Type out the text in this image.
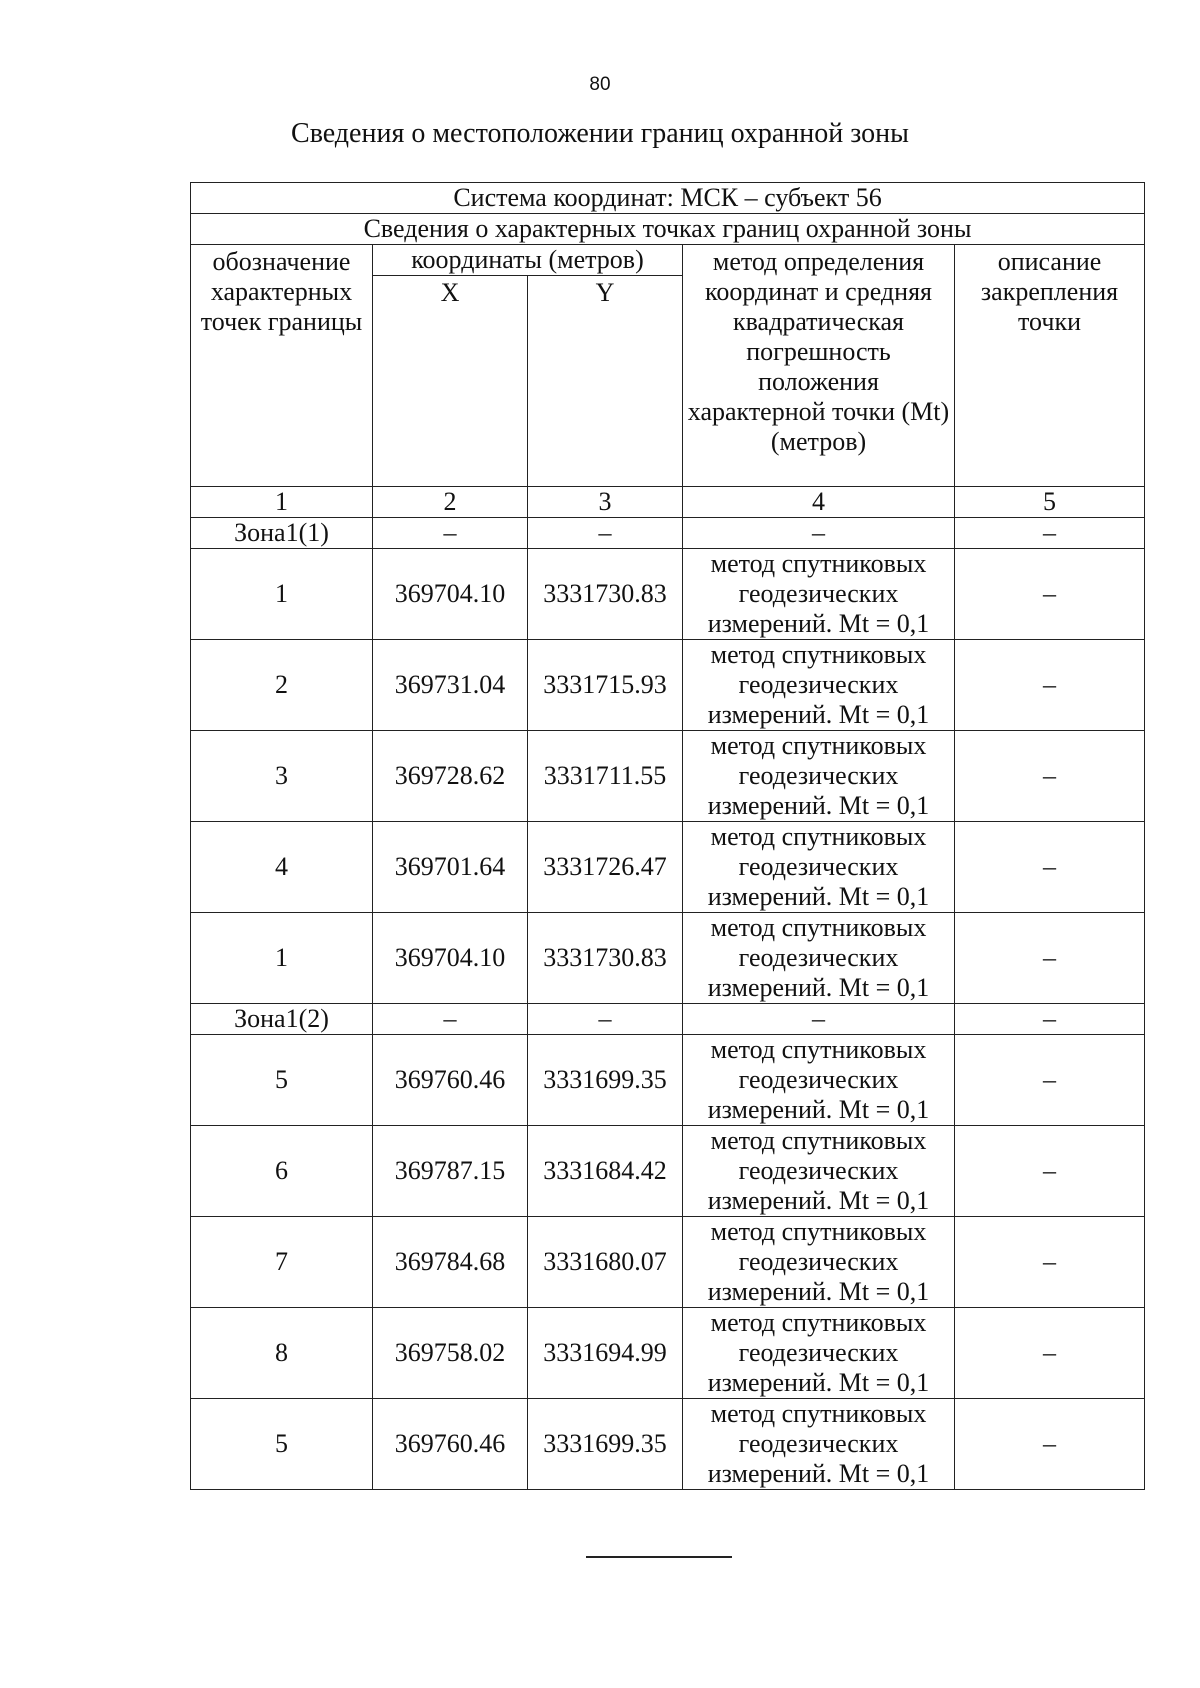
80
Сведения о местоположении границ охранной зоны
Система координат: МСК – субъект 56				
Сведения о характерных точках границ охранной зоны				
обозначение характерных точек границы	координаты (метров)		метод определения координат и средняя квадратическая погрешность положения характерной точки (Mt) (метров)	описание закрепления точки
	X	Y		
1	2	3	4	5
Зона1(1)	–	–	–	–
1	369704.10	3331730.83	метод спутниковых
геодезических
измерений. Mt = 0,1	–
2	369731.04	3331715.93	метод спутниковых
геодезических
измерений. Mt = 0,1	–
3	369728.62	3331711.55	метод спутниковых
геодезических
измерений. Mt = 0,1	–
4	369701.64	3331726.47	метод спутниковых
геодезических
измерений. Mt = 0,1	–
1	369704.10	3331730.83	метод спутниковых
геодезических
измерений. Mt = 0,1	–
Зона1(2)	–	–	–	–
5	369760.46	3331699.35	метод спутниковых
геодезических
измерений. Mt = 0,1	–
6	369787.15	3331684.42	метод спутниковых
геодезических
измерений. Mt = 0,1	–
7	369784.68	3331680.07	метод спутниковых
геодезических
измерений. Mt = 0,1	–
8	369758.02	3331694.99	метод спутниковых
геодезических
измерений. Mt = 0,1	–
5	369760.46	3331699.35	метод спутниковых
геодезических
измерений. Mt = 0,1	–
